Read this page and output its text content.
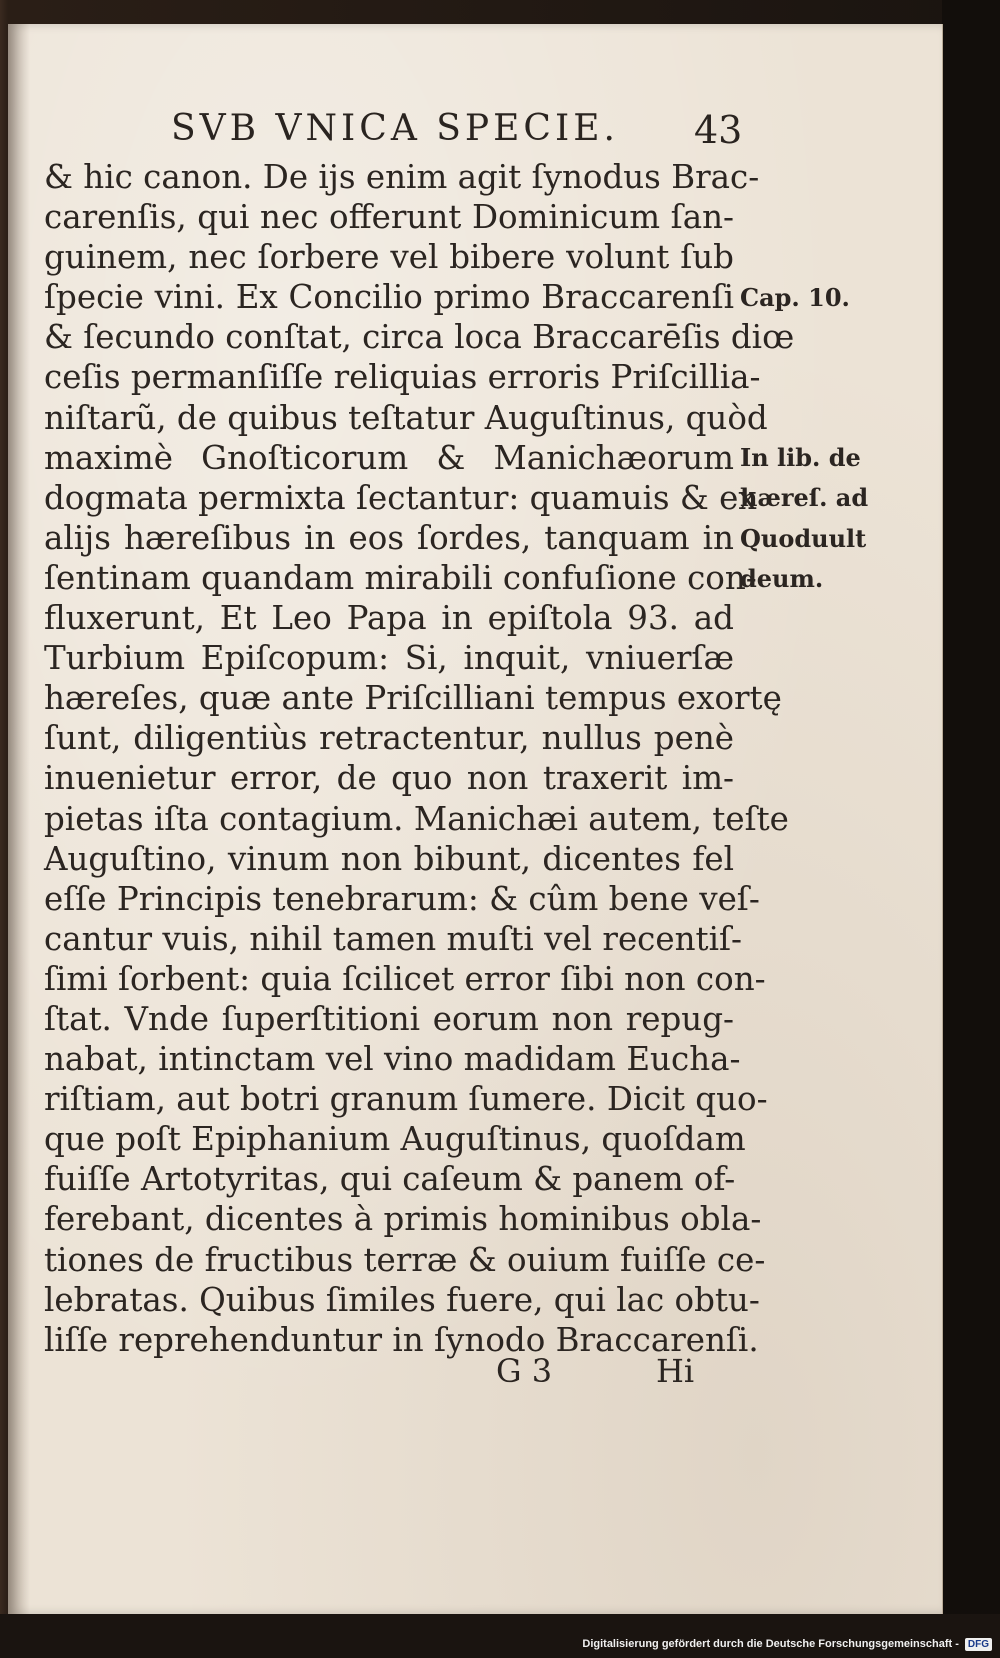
SVB VNICA SPECIE. 43
& hic canon. De ijs enim agit ſynodus Brac-
carenſis, qui nec offerunt Dominicum ſan-
guinem, nec ſorbere vel bibere volunt ſub
ſpecie vini. Ex Concilio primo Braccarenſi
& ſecundo conſtat, circa loca Braccarēſis diœ
ceſis permanſiſſe reliquias erroris Priſcillia-
niſtarũ, de quibus teſtatur Auguſtinus, quòd
maximè Gnoſticorum & Manichæorum
dogmata permixta ſectantur: quamuis & ex
alijs hæreſibus in eos ſordes, tanquam in
ſentinam quandam mirabili confuſione con-
fluxerunt, Et Leo Papa in epiſtola 93. ad
Turbium Epiſcopum: Si, inquit, vniuerſæ
hæreſes, quæ ante Priſcilliani tempus exortę
ſunt, diligentiùs retractentur, nullus penè
inuenietur error, de quo non traxerit im-
pietas iſta contagium. Manichæi autem, teſte
Auguſtino, vinum non bibunt, dicentes fel
eſſe Principis tenebrarum: & cûm bene veſ-
cantur vuis, nihil tamen muſti vel recentiſ-
ſimi ſorbent: quia ſcilicet error ſibi non con-
ſtat. Vnde ſuperſtitioni eorum non repug-
nabat, intinctam vel vino madidam Eucha-
riſtiam, aut botri granum ſumere. Dicit quo-
que poſt Epiphanium Auguſtinus, quoſdam
fuiſſe Artotyritas, qui caſeum & panem of-
ferebant, dicentes à primis hominibus obla-
tiones de fructibus terræ & ouium fuiſſe ce-
lebratas. Quibus ſimiles fuere, qui lac obtu-
liſſe reprehenduntur in ſynodo Braccarenſi.
Cap. 10.
In lib. de
hæreſ. ad
Quoduult
deum.
G 3	Hi
Digitalisierung gefördert durch die Deutsche Forschungsgemeinschaft - DFG
